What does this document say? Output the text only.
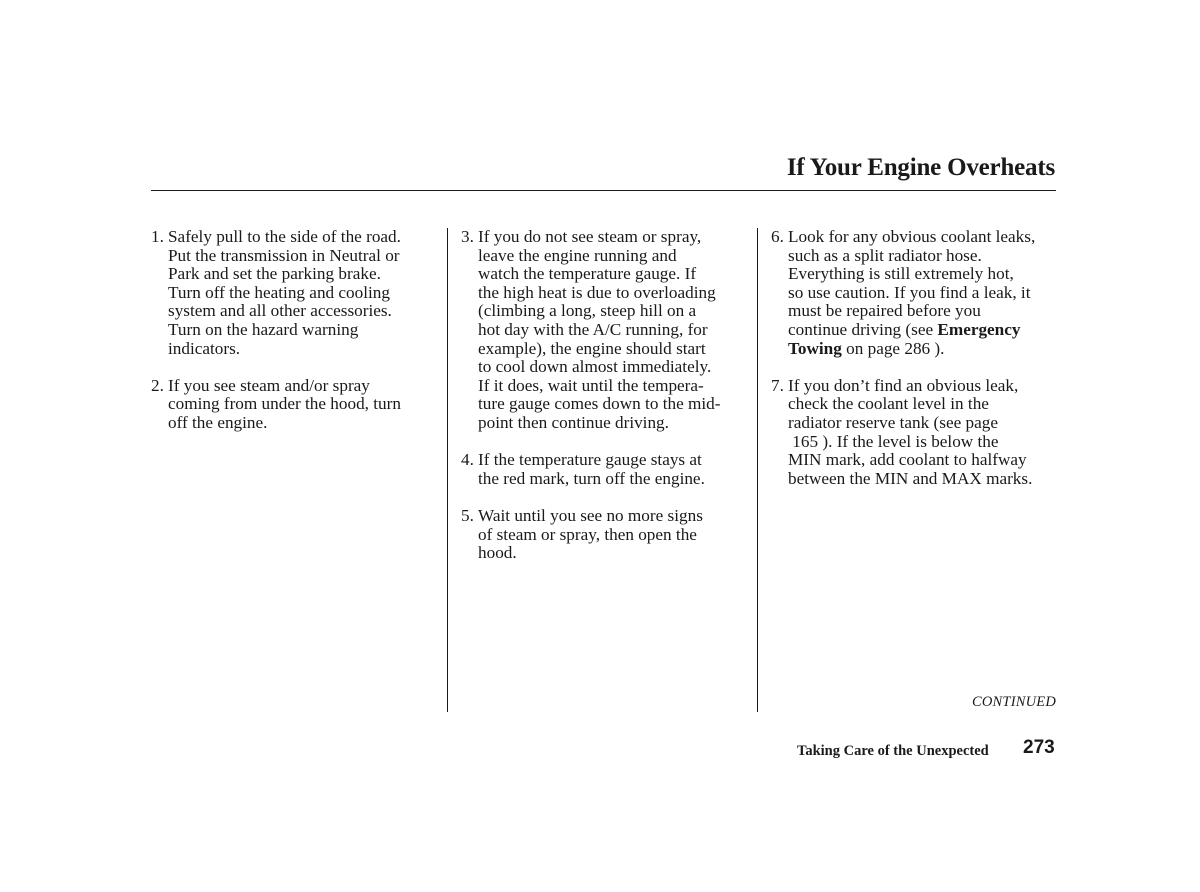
If Your Engine Overheats
1. Safely pull to the side of the road.
Put the transmission in Neutral or
Park and set the parking brake.
Turn off the heating and cooling
system and all other accessories.
Turn on the hazard warning
indicators.
2. If you see steam and/or spray
coming from under the hood, turn
off the engine.
3. If you do not see steam or spray,
leave the engine running and
watch the temperature gauge. If
the high heat is due to overloading
(climbing a long, steep hill on a
hot day with the A/C running, for
example), the engine should start
to cool down almost immediately.
If it does, wait until the tempera-
ture gauge comes down to the mid-
point then continue driving.
4. If the temperature gauge stays at
the red mark, turn off the engine.
5. Wait until you see no more signs
of steam or spray, then open the
hood.
6. Look for any obvious coolant leaks,
such as a split radiator hose.
Everything is still extremely hot,
so use caution. If you find a leak, it
must be repaired before you
continue driving (see Emergency
Towing on page 286 ).
7. If you don’t find an obvious leak,
check the coolant level in the
radiator reserve tank (see page
165 ). If the level is below the
MIN mark, add coolant to halfway
between the MIN and MAX marks.
CONTINUED
Taking Care of the Unexpected 273
